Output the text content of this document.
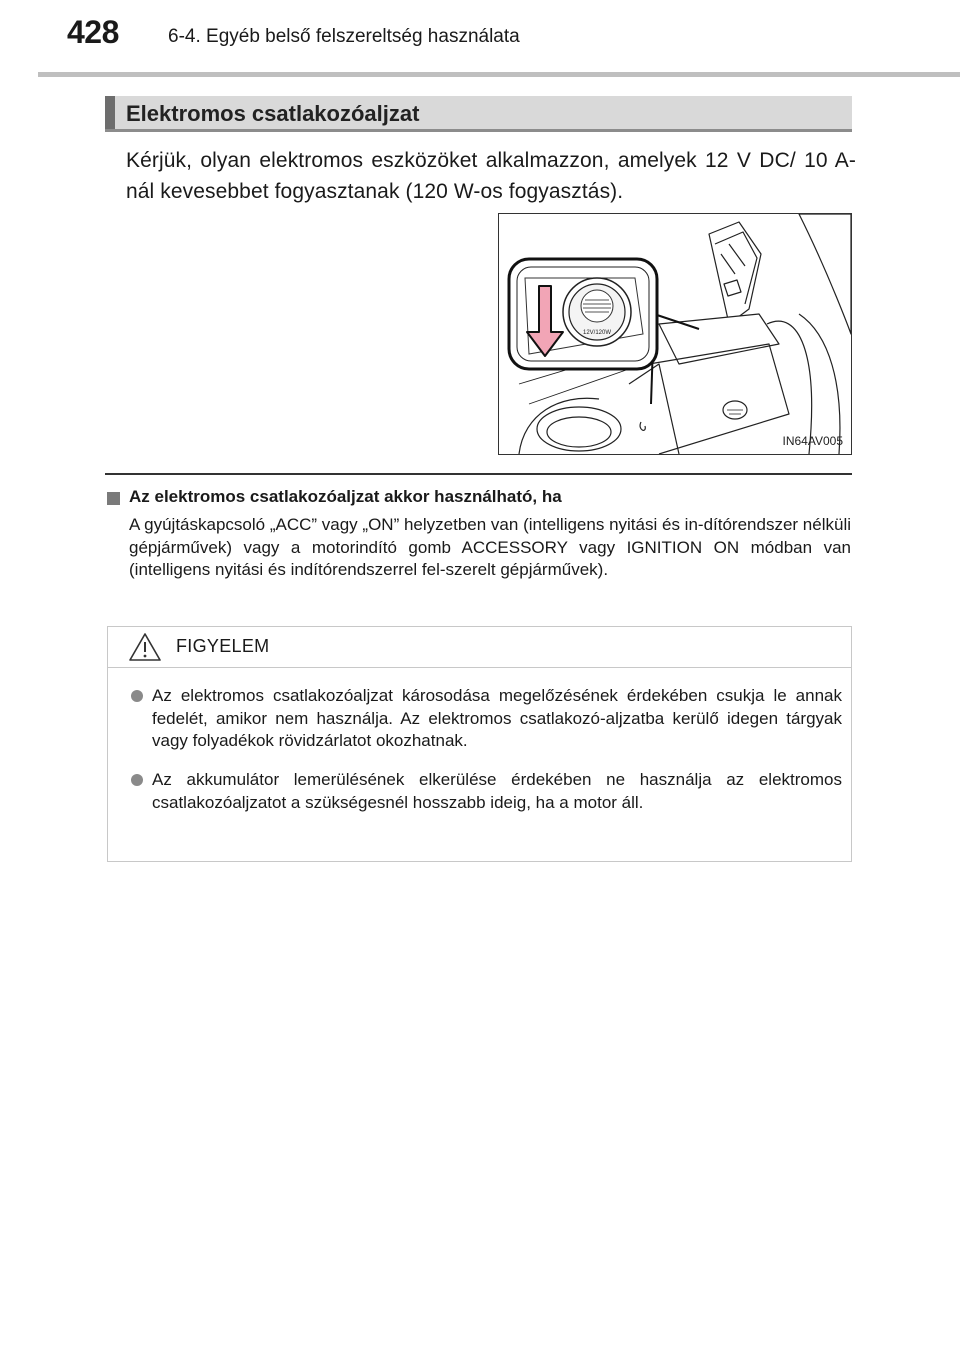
428	6-4. Egyéb belső felszereltség használata
Elektromos csatlakozóaljzat
Kérjük, olyan elektromos eszközöket alkalmazzon, amelyek 12 V DC/ 10 A-nál kevesebbet fogyasztanak (120 W-os fogyasztás).
12V/120W
IN64AV005
Az elektromos csatlakozóaljzat akkor használható, ha
A gyújtáskapcsoló „ACC” vagy „ON” helyzetben van (intelligens nyitási és in-dítórendszer nélküli gépjárművek) vagy a motorindító gomb ACCESSORY vagy IGNITION ON módban van (intelligens nyitási és indítórendszerrel fel-szerelt gépjárművek).
FIGYELEM
Az elektromos csatlakozóaljzat károsodása megelőzésének érdekében csukja le annak fedelét, amikor nem használja. Az elektromos csatlakozó-aljzatba kerülő idegen tárgyak vagy folyadékok rövidzárlatot okozhatnak.
Az akkumulátor lemerülésének elkerülése érdekében ne használja az elektromos csatlakozóaljzatot a szükségesnél hosszabb ideig, ha a motor áll.
